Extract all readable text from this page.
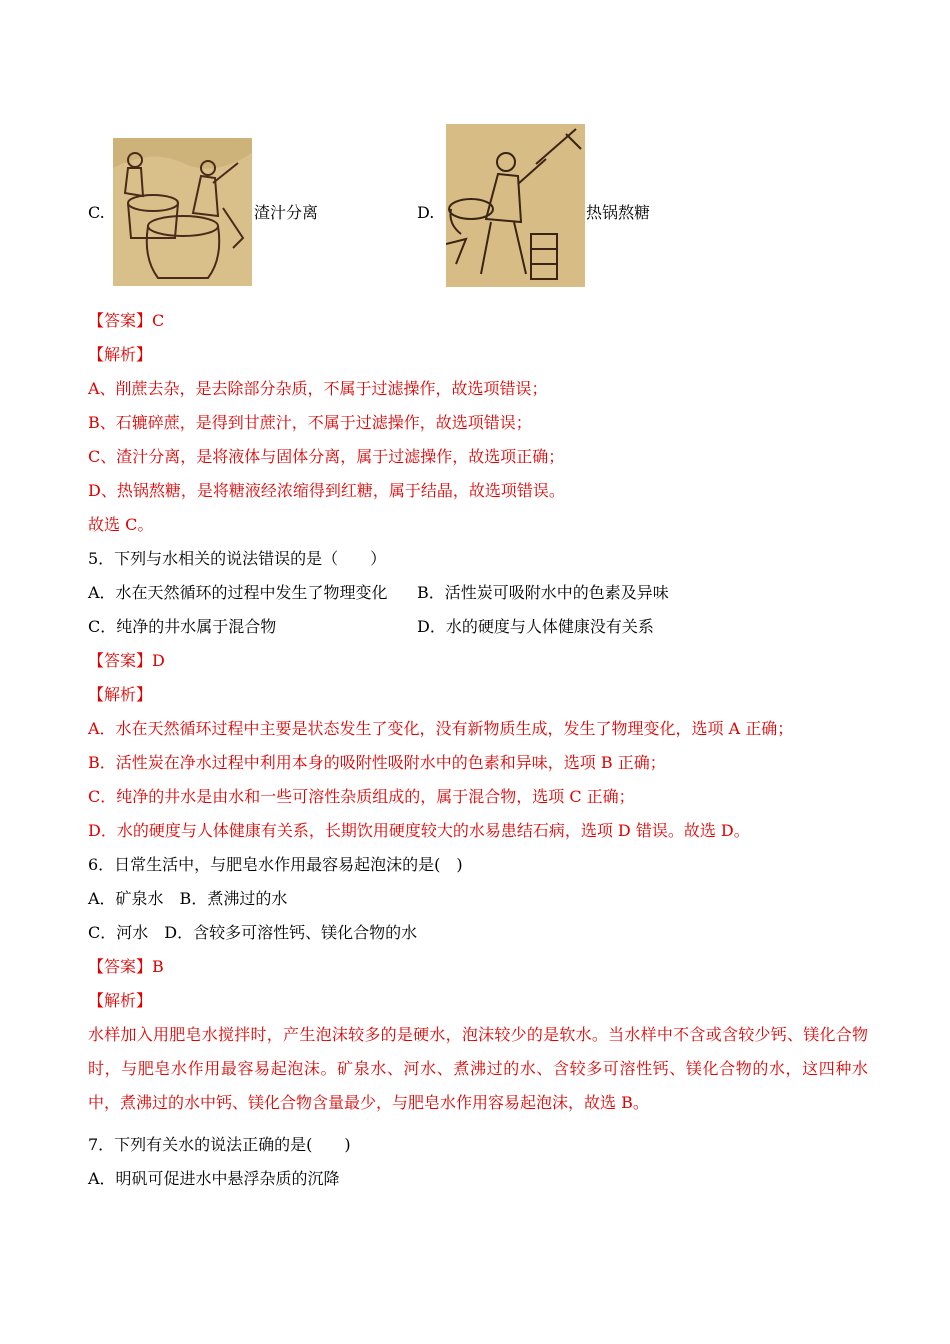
C.	渣汁分离	D.	热锅熬糖
【答案】C
【解析】
A、削蔗去杂，是去除部分杂质，不属于过滤操作，故选项错误；
B、石辘碎蔗，是得到甘蔗汁，不属于过滤操作，故选项错误；
C、渣汁分离，是将液体与固体分离，属于过滤操作，故选项正确；
D、热锅熬糖，是将糖液经浓缩得到红糖，属于结晶，故选项错误。
故选 C。
5．下列与水相关的说法错误的是（　　）
A．水在天然循环的过程中发生了物理变化 B．活性炭可吸附水中的色素及异味
C．纯净的井水属于混合物	D．水的硬度与人体健康没有关系
【答案】D
【解析】
A．水在天然循环过程中主要是状态发生了变化，没有新物质生成，发生了物理变化，选项 A 正确；
B．活性炭在净水过程中利用本身的吸附性吸附水中的色素和异味，选项 B 正确；
C．纯净的井水是由水和一些可溶性杂质组成的，属于混合物，选项 C 正确；
D．水的硬度与人体健康有关系，长期饮用硬度较大的水易患结石病，选项 D 错误。故选 D。
6．日常生活中，与肥皂水作用最容易起泡沫的是(　)
A．矿泉水　B．煮沸过的水
C．河水　D．含较多可溶性钙、镁化合物的水
【答案】B
【解析】
水样加入用肥皂水搅拌时，产生泡沫较多的是硬水，泡沫较少的是软水。当水样中不含或含较少钙、镁化合物时，与肥皂水作用最容易起泡沫。矿泉水、河水、煮沸过的水、含较多可溶性钙、镁化合物的水，这四种水中，煮沸过的水中钙、镁化合物含量最少，与肥皂水作用容易起泡沫，故选 B。
7．下列有关水的说法正确的是(　　)
A．明矾可促进水中悬浮杂质的沉降
